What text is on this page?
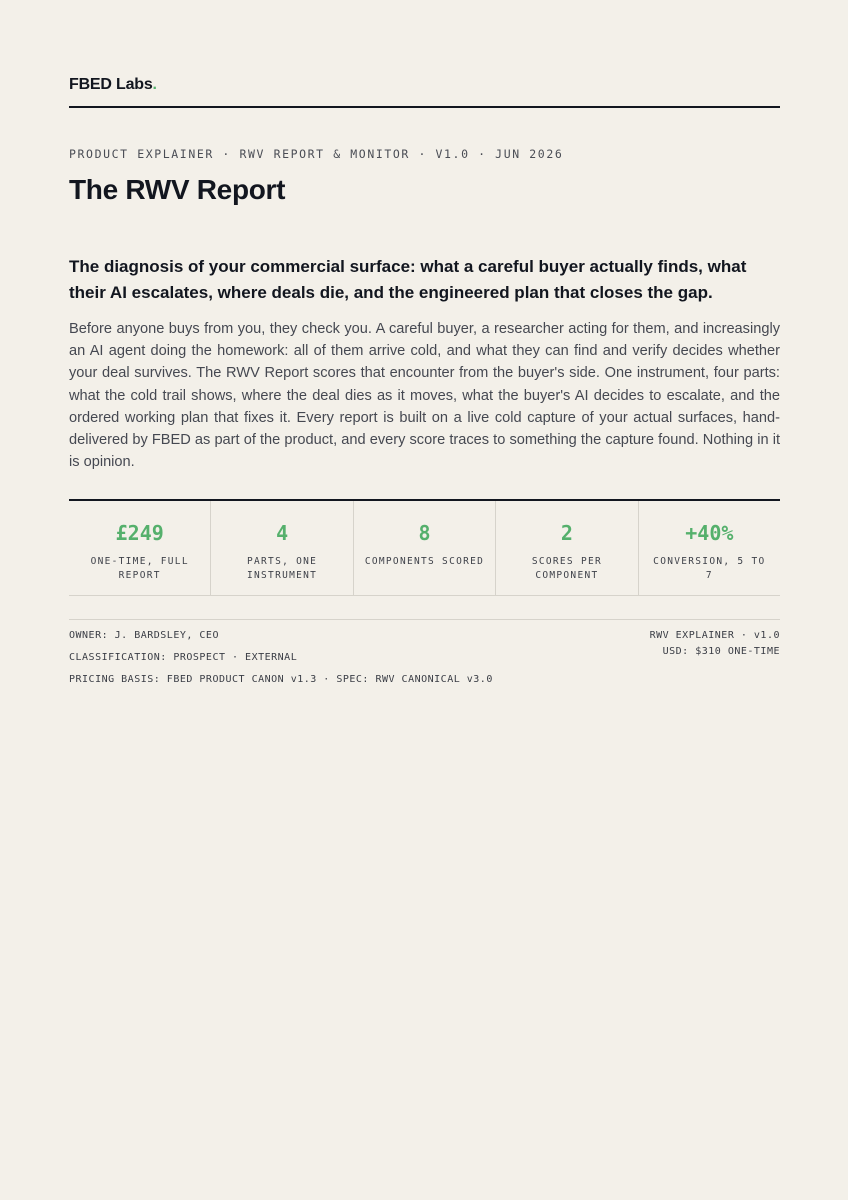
FBED Labs.
PRODUCT EXPLAINER · RWV REPORT & MONITOR · V1.0 · JUN 2026
The RWV Report

The diagnosis of your commercial surface: what a careful buyer actually finds, what their AI escalates, where deals die, and the engineered plan that closes the gap.

Before anyone buys from you, they check you. A careful buyer, a researcher acting for them, and increasingly an AI agent doing the homework: all of them arrive cold, and what they can find and verify decides whether your deal survives. The RWV Report scores that encounter from the buyer's side. One instrument, four parts: what the cold trail shows, where the deal dies as it moves, what the buyer's AI decides to escalate, and the ordered working plan that fixes it. Every report is built on a live cold capture of your actual surfaces, hand-delivered by FBED as part of the product, and every score traces to something the capture found. Nothing in it is opinion.

£249
ONE-TIME, FULL REPORT
4
PARTS, ONE INSTRUMENT
8
COMPONENTS SCORED
2
SCORES PER COMPONENT
+40%
CONVERSION, 5 TO 7
OWNER: J. BARDSLEY, CEO
CLASSIFICATION: PROSPECT · EXTERNAL
PRICING BASIS: FBED PRODUCT CANON v1.3 · SPEC: RWV CANONICAL v3.0
RWV EXPLAINER · v1.0
USD: $310 ONE-TIME
